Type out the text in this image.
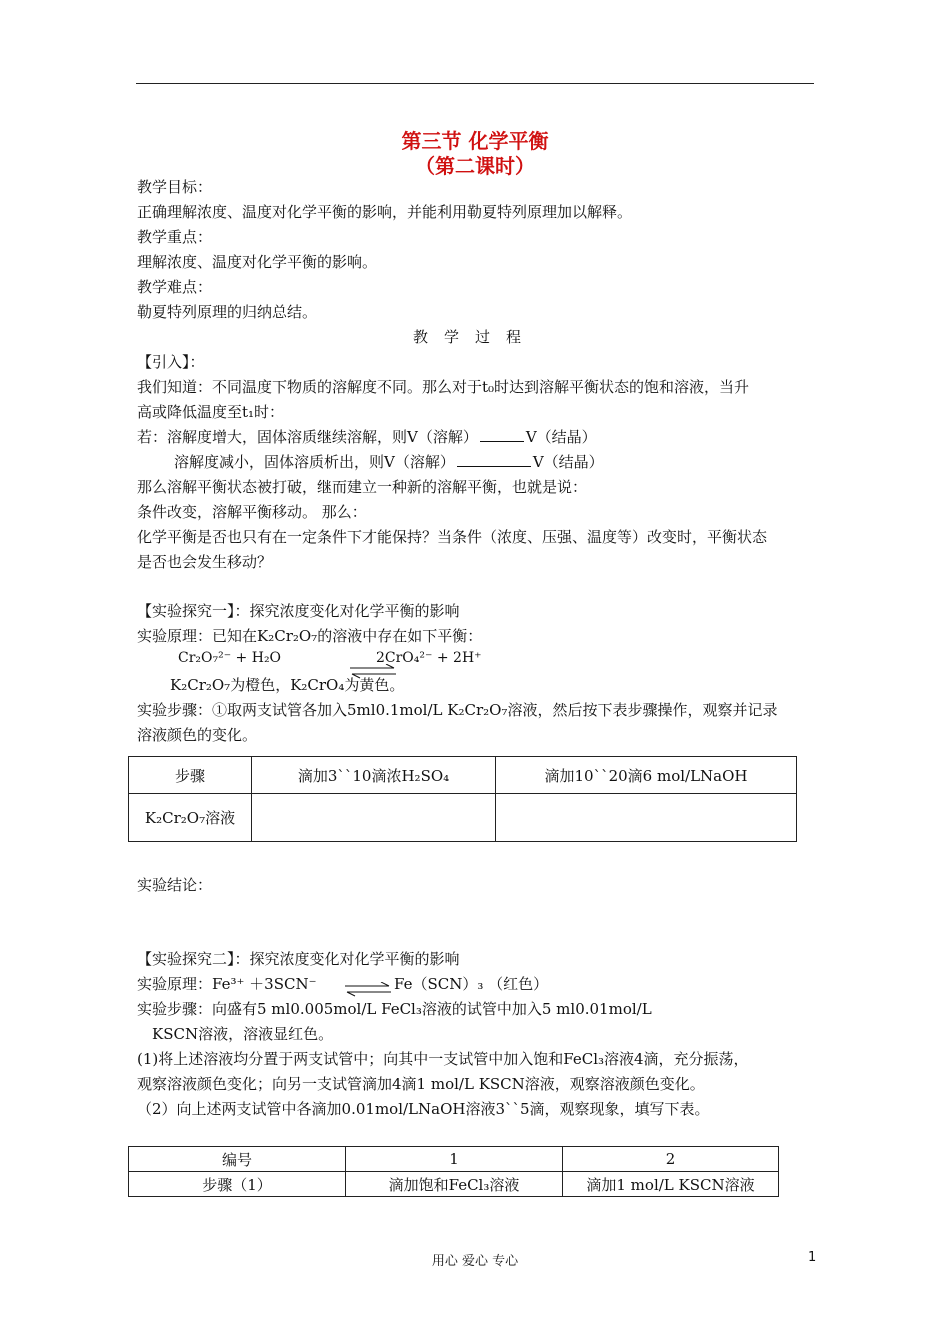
第三节 化学平衡
（第二课时）
教学目标：
正确理解浓度、温度对化学平衡的影响，并能利用勒夏特列原理加以解释。
教学重点：
理解浓度、温度对化学平衡的影响。
教学难点：
勒夏特列原理的归纳总结。
教学过程
【引入】：
我们知道：不同温度下物质的溶解度不同。那么对于t₀时达到溶解平衡状态的饱和溶液，当升
高或降低温度至t₁时：
若：溶解度增大，固体溶质继续溶解，则V（溶解）	V（结晶）
溶解度减小，固体溶质析出，则V（溶解）	V（结晶）
那么溶解平衡状态被打破，继而建立一种新的溶解平衡，也就是说：
条件改变，溶解平衡移动。 那么：
化学平衡是否也只有在一定条件下才能保持？当条件（浓度、压强、温度等）改变时，平衡状态
是否也会发生移动？
【实验探究一】：探究浓度变化对化学平衡的影响
实验原理：已知在K₂Cr₂O₇的溶液中存在如下平衡：
Cr₂O₇²⁻ + H₂O	2CrO₄²⁻ + 2H⁺
K₂Cr₂O₇为橙色，K₂CrO₄为黄色。
实验步骤：①取两支试管各加入5ml0.1mol/L K₂Cr₂O₇溶液，然后按下表步骤操作，观察并记录
溶液颜色的变化。
步骤	滴加3``10滴浓H₂SO₄	滴加10``20滴6 mol/LNaOH
K₂Cr₂O₇溶液		
实验结论：
【实验探究二】：探究浓度变化对化学平衡的影响
实验原理：Fe³⁺ ＋3SCN⁻ ⇌ Fe（SCN）₃ （红色）
实验步骤：向盛有5 ml0.005mol/L FeCl₃溶液的试管中加入5 ml0.01mol/L
KSCN溶液，溶液显红色。
(1)将上述溶液均分置于两支试管中；向其中一支试管中加入饱和FeCl₃溶液4滴，充分振荡，
观察溶液颜色变化；向另一支试管滴加4滴1 mol/L KSCN溶液，观察溶液颜色变化。
（2）向上述两支试管中各滴加0.01mol/LNaOH溶液3``5滴，观察现象，填写下表。
编号	1	2
步骤（1）	滴加饱和FeCl₃溶液	滴加1 mol/L KSCN溶液
用心 爱心 专心	1
